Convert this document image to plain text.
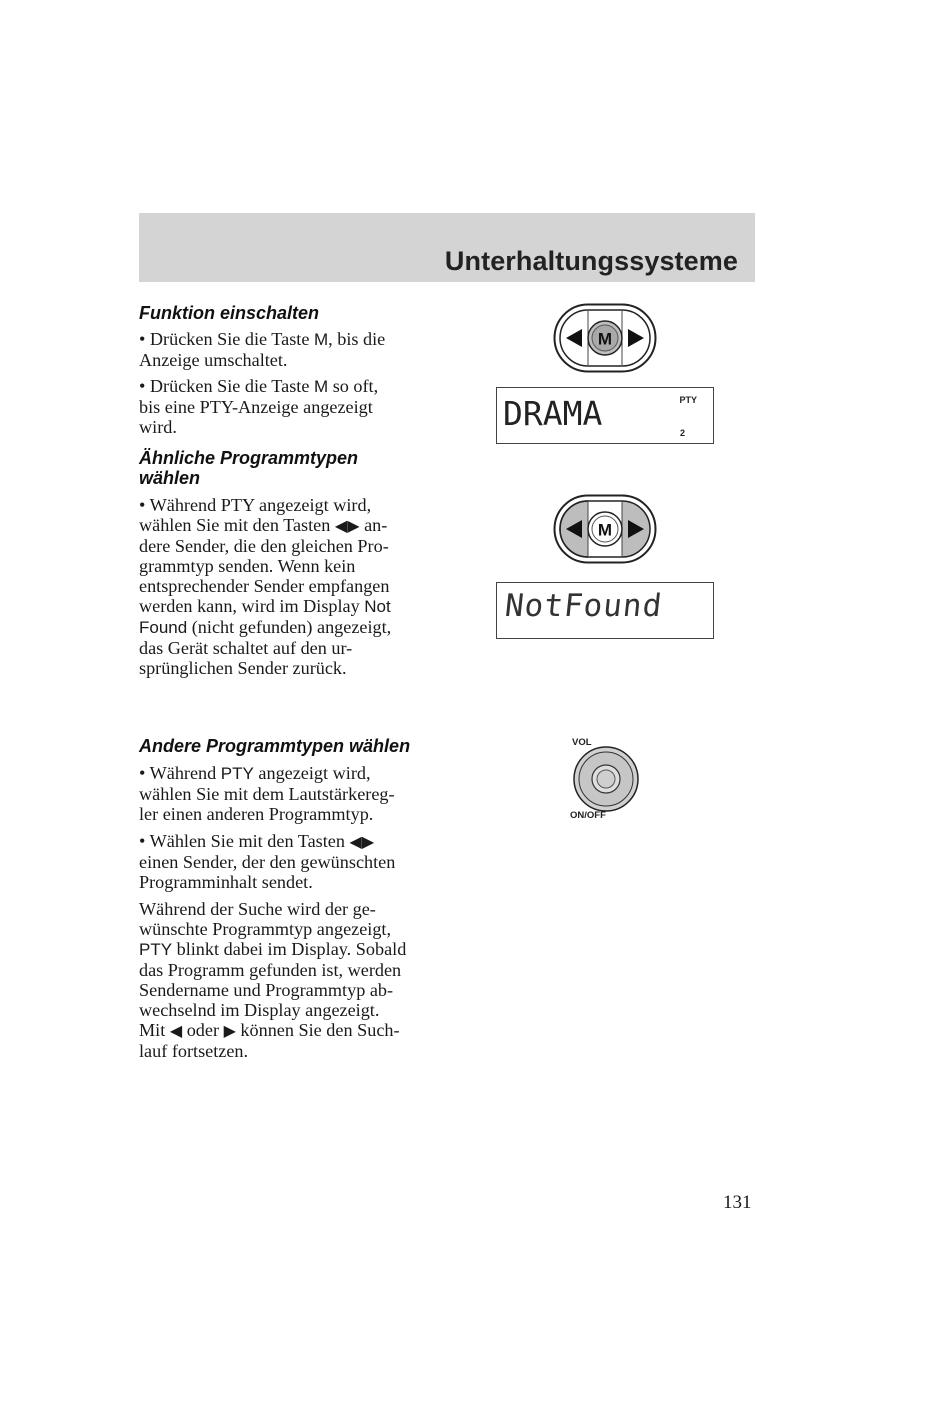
Unterhaltungssysteme
Funktion einschalten

• Drücken Sie die Taste M, bis die
Anzeige umschaltet.

• Drücken Sie die Taste M so oft,
bis eine PTY-Anzeige angezeigt
wird.

Ähnliche Programmtypen
wählen

• Während PTY angezeigt wird,
wählen Sie mit den Tasten ◀▶ an-
dere Sender, die den gleichen Pro-
grammtyp senden. Wenn kein
entsprechender Sender empfangen
werden kann, wird im Display Not
Found (nicht gefunden) angezeigt,
das Gerät schaltet auf den ur-
sprünglichen Sender zurück.

Andere Programmtypen wählen

• Während PTY angezeigt wird,
wählen Sie mit dem Lautstärkereg-
ler einen anderen Programmtyp.

• Wählen Sie mit den Tasten ◀▶
einen Sender, der den gewünschten
Programminhalt sendet.

Während der Suche wird der ge-
wünschte Programmtyp angezeigt,
PTY blinkt dabei im Display. Sobald
das Programm gefunden ist, werden
Sendername und Programmtyp ab-
wechselnd im Display angezeigt.
Mit ◀ oder ▶ können Sie den Such-
lauf fortsetzen.

M
DRAMA	PTY
2
M
NotFound
VOL
ON/OFF
131
